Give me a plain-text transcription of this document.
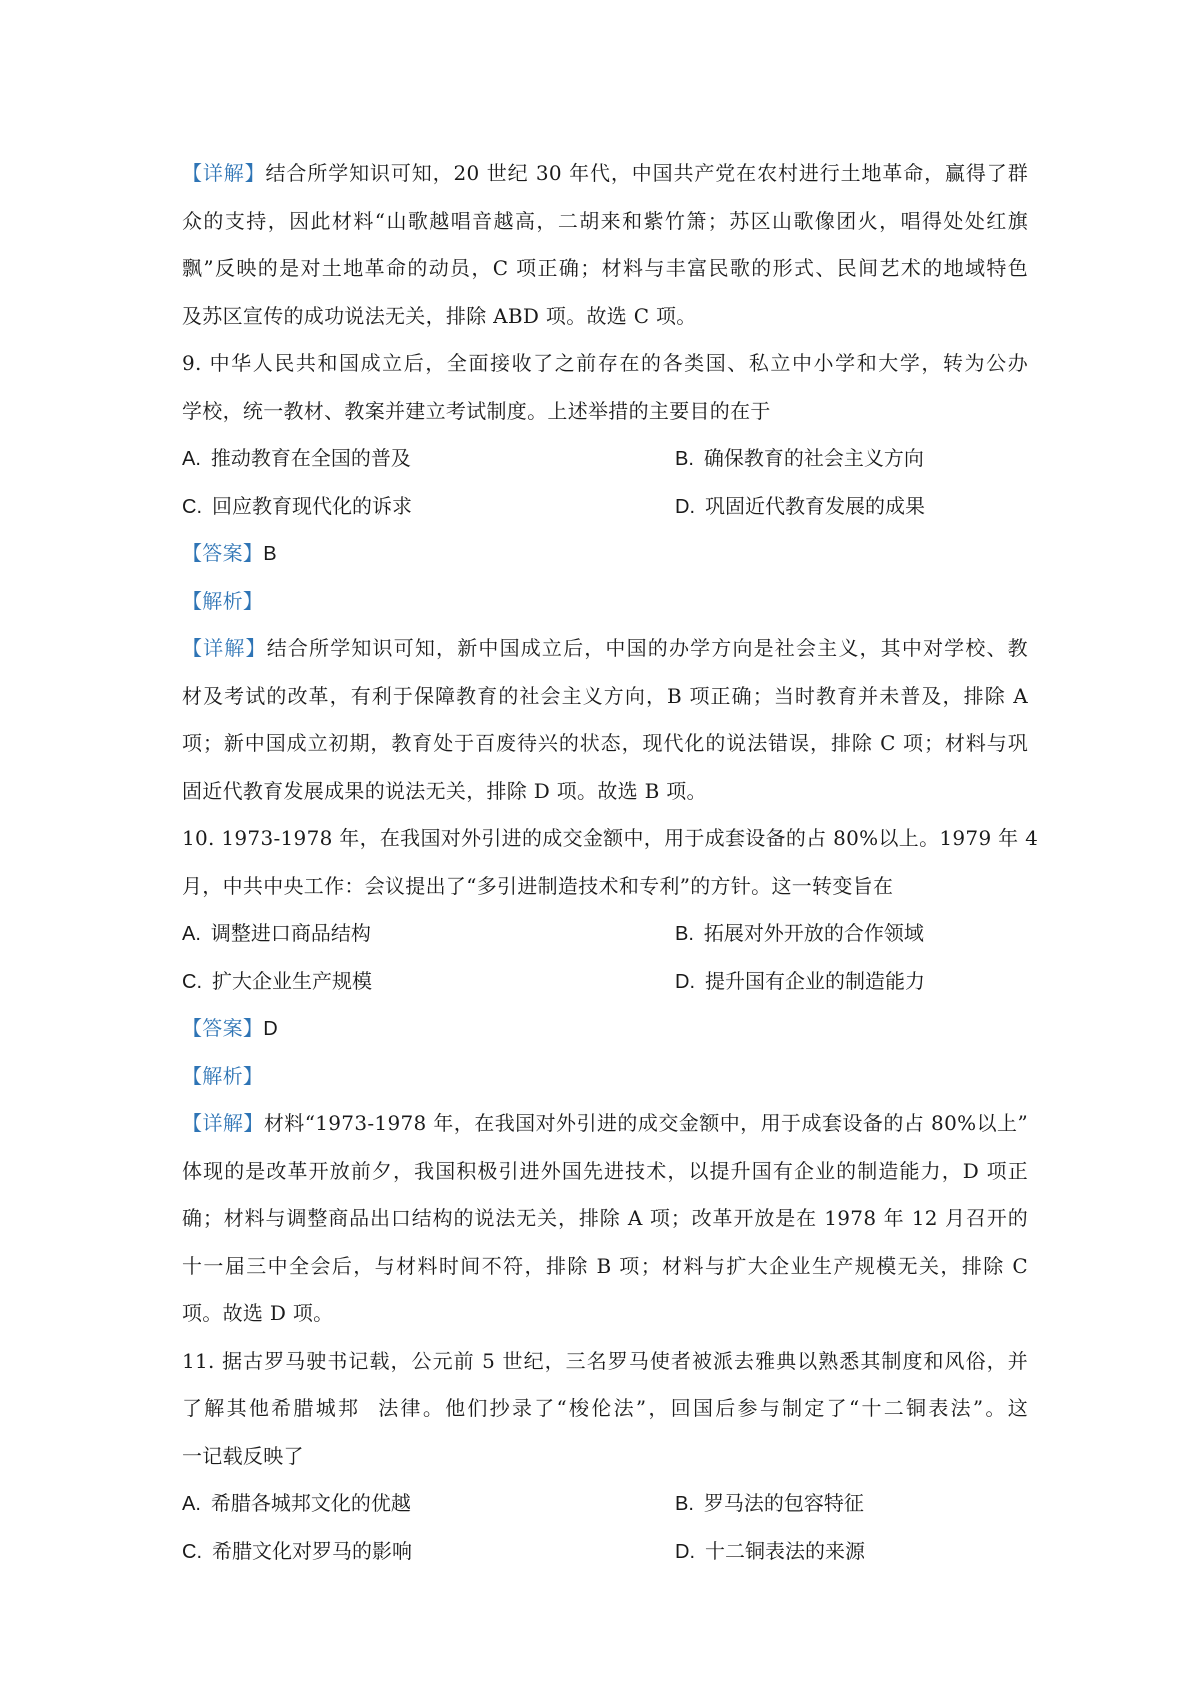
【详解】结合所学知识可知，20 世纪 30 年代，中国共产党在农村进行土地革命，赢得了群
众的支持，因此材料“山歌越唱音越高，二胡来和紫竹箫；苏区山歌像团火，唱得处处红旗
飘”反映的是对土地革命的动员，C 项正确；材料与丰富民歌的形式、民间艺术的地域特色
及苏区宣传的成功说法无关，排除 ABD 项。故选 C 项。
9. 中华人民共和国成立后，全面接收了之前存在的各类国、私立中小学和大学，转为公办
学校，统一教材、教案并建立考试制度。上述举措的主要目的在于
A. 推动教育在全国的普及	B. 确保教育的社会主义方向
C. 回应教育现代化的诉求	D. 巩固近代教育发展的成果
【答案】B
【解析】
【详解】结合所学知识可知，新中国成立后，中国的办学方向是社会主义，其中对学校、教
材及考试的改革，有利于保障教育的社会主义方向，B 项正确；当时教育并未普及，排除 A
项；新中国成立初期，教育处于百废待兴的状态，现代化的说法错误，排除 C 项；材料与巩
固近代教育发展成果的说法无关，排除 D 项。故选 B 项。
10. 1973-1978 年，在我国对外引进的成交金额中，用于成套设备的占 80%以上。1979 年 4
月，中共中央工作：会议提出了“多引进制造技术和专利”的方针。这一转变旨在
A. 调整进口商品结构	B. 拓展对外开放的合作领域
C. 扩大企业生产规模	D. 提升国有企业的制造能力
【答案】D
【解析】
【详解】材料“1973-1978 年，在我国对外引进的成交金额中，用于成套设备的占 80%以上”
体现的是改革开放前夕，我国积极引进外国先进技术，以提升国有企业的制造能力，D 项正
确；材料与调整商品出口结构的说法无关，排除 A 项；改革开放是在 1978 年 12 月召开的
十一届三中全会后，与材料时间不符，排除 B 项；材料与扩大企业生产规模无关，排除 C
项。故选 D 项。
11. 据古罗马驶书记载，公元前 5 世纪，三名罗马使者被派去雅典以熟悉其制度和风俗，并
了解其他希腊城邦 法律。他们抄录了“梭伦法”，回国后参与制定了“十二铜表法”。这
一记载反映了
A. 希腊各城邦文化的优越	B. 罗马法的包容特征
C. 希腊文化对罗马的影响	D. 十二铜表法的来源
